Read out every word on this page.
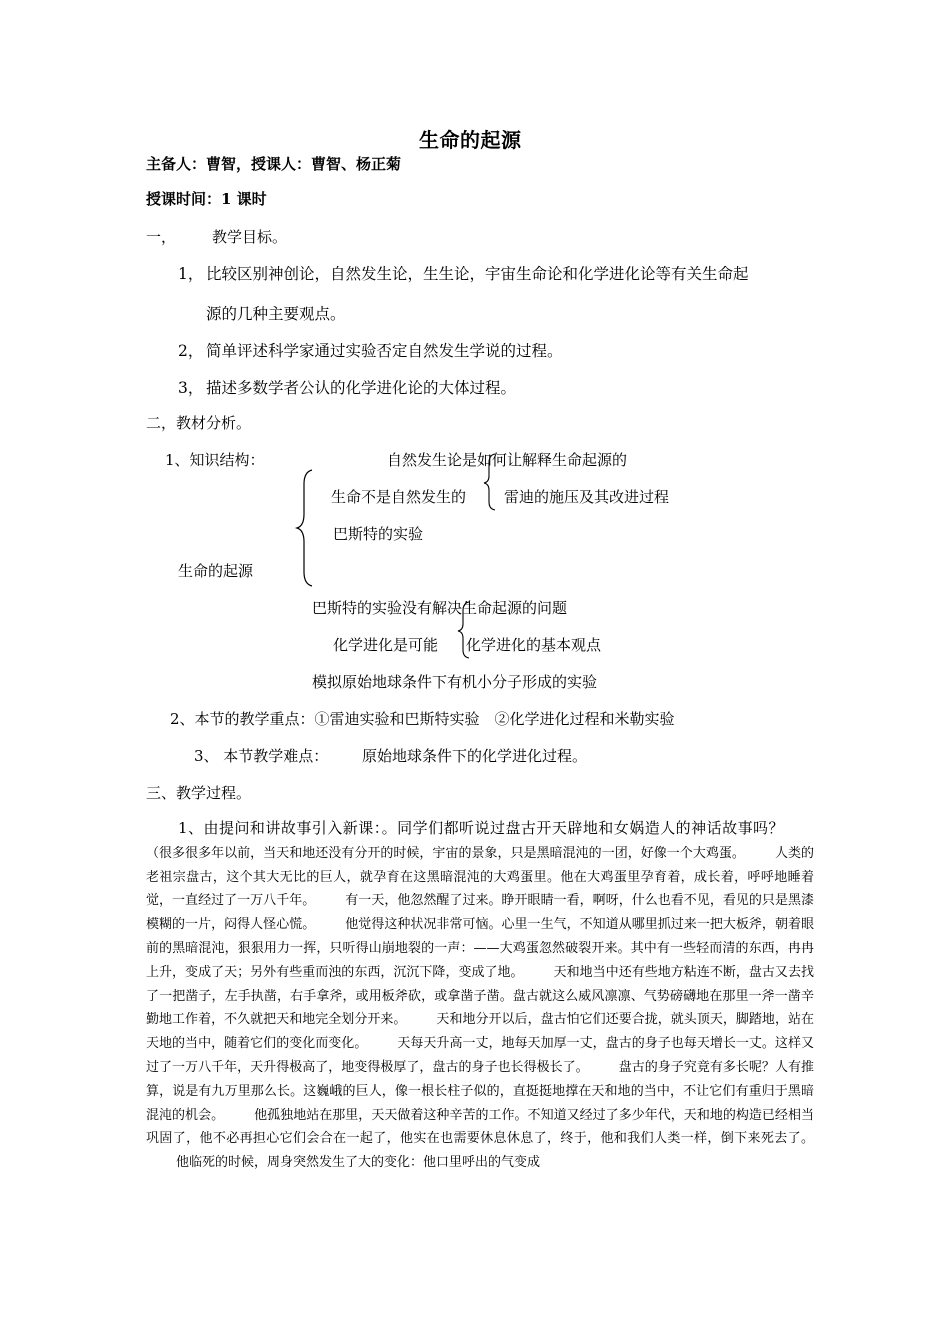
生命的起源
主备人：曹智，授课人：曹智、杨正菊
授课时间：1 课时
一， 教学目标。
1， 比较区别神创论，自然发生论，生生论，宇宙生命论和化学进化论等有关生命起
源的几种主要观点。
2， 简单评述科学家通过实验否定自然发生学说的过程。
3， 描述多数学者公认的化学进化论的大体过程。
二，教材分析。
1、知识结构：	自然发生论是如何让解释生命起源的
生命不是自然发生的	雷迪的施压及其改进过程
巴斯特的实验
生命的起源
巴斯特的实验没有解决生命起源的问题
化学进化是可能 化学进化的基本观点
模拟原始地球条件下有机小分子形成的实验
2、本节的教学重点：①雷迪实验和巴斯特实验　②化学进化过程和米勒实验
3、 本节教学难点： 原始地球条件下的化学进化过程。
三、教学过程。
1、由提问和讲故事引入新课：。同学们都听说过盘古开天辟地和女娲造人的神话故事吗？（很多很多年以前，当天和地还没有分开的时候，宇宙的景象，只是黑暗混沌的一团，好像一个大鸡蛋。 人类的老祖宗盘古，这个其大无比的巨人，就孕育在这黑暗混沌的大鸡蛋里。他在大鸡蛋里孕育着，成长着，呼呼地睡着觉，一直经过了一万八千年。 有一天，他忽然醒了过来。睁开眼睛一看，啊呀，什么也看不见，看见的只是黑漆模糊的一片，闷得人怪心慌。 他觉得这种状况非常可恼。心里一生气，不知道从哪里抓过来一把大板斧，朝着眼前的黑暗混沌，狠狠用力一挥，只听得山崩地裂的一声：——大鸡蛋忽然破裂开来。其中有一些轻而清的东西，冉冉上升，变成了天；另外有些重而浊的东西，沉沉下降，变成了地。 天和地当中还有些地方粘连不断，盘古又去找了一把凿子，左手执凿，右手拿斧，或用板斧砍，或拿凿子凿。盘古就这么威风凛凛、气势磅礴地在那里一斧一凿辛勤地工作着，不久就把天和地完全划分开来。 天和地分开以后，盘古怕它们还要合拢，就头顶天，脚踏地，站在天地的当中，随着它们的变化而变化。 天每天升高一丈，地每天加厚一丈，盘古的身子也每天增长一丈。这样又过了一万八千年，天升得极高了，地变得极厚了，盘古的身子也长得极长了。 盘古的身子究竟有多长呢？人有推算，说是有九万里那么长。这巍峨的巨人，像一根长柱子似的，直挺挺地撑在天和地的当中，不让它们有重归于黑暗混沌的机会。 他孤独地站在那里，天天做着这种辛苦的工作。不知道又经过了多少年代，天和地的构造已经相当巩固了，他不必再担心它们会合在一起了，他实在也需要休息休息了，终于，他和我们人类一样，倒下来死去了。他临死的时候，周身突然发生了大的变化：他口里呼出的气变成
